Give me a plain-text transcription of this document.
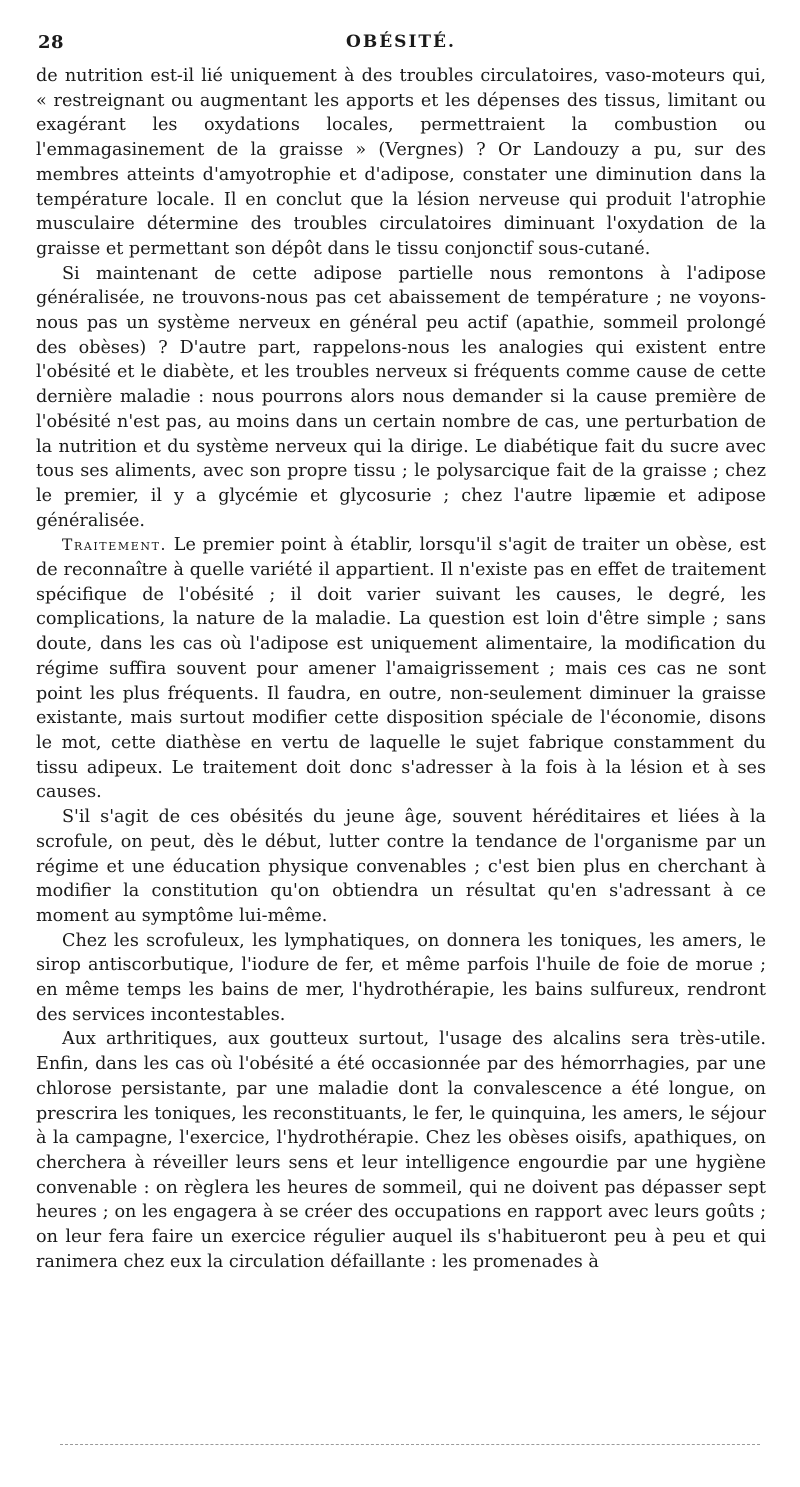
28	OBÉSITÉ.

de nutrition est-il lié uniquement à des troubles circulatoires, vaso-moteurs qui, « restreignant ou augmentant les apports et les dépenses des tissus, limitant ou exagérant les oxydations locales, permettraient la combustion ou l'emmagasinement de la graisse » (Vergnes) ? Or Landouzy a pu, sur des membres atteints d'amyotrophie et d'adipose, constater une diminution dans la température locale. Il en conclut que la lésion nerveuse qui produit l'atrophie musculaire détermine des troubles circulatoires diminuant l'oxydation de la graisse et permettant son dépôt dans le tissu conjonctif sous-cutané.

Si maintenant de cette adipose partielle nous remontons à l'adipose généralisée, ne trouvons-nous pas cet abaissement de température ; ne voyons-nous pas un système nerveux en général peu actif (apathie, sommeil prolongé des obèses) ? D'autre part, rappelons-nous les analogies qui existent entre l'obésité et le diabète, et les troubles nerveux si fréquents comme cause de cette dernière maladie : nous pourrons alors nous demander si la cause première de l'obésité n'est pas, au moins dans un certain nombre de cas, une perturbation de la nutrition et du système nerveux qui la dirige. Le diabétique fait du sucre avec tous ses aliments, avec son propre tissu ; le polysarcique fait de la graisse ; chez le premier, il y a glycémie et glycosurie ; chez l'autre lipæmie et adipose généralisée.

Traitement. Le premier point à établir, lorsqu'il s'agit de traiter un obèse, est de reconnaître à quelle variété il appartient. Il n'existe pas en effet de traitement spécifique de l'obésité ; il doit varier suivant les causes, le degré, les complications, la nature de la maladie. La question est loin d'être simple ; sans doute, dans les cas où l'adipose est uniquement alimentaire, la modification du régime suffira souvent pour amener l'amaigrissement ; mais ces cas ne sont point les plus fréquents. Il faudra, en outre, non-seulement diminuer la graisse existante, mais surtout modifier cette disposition spéciale de l'économie, disons le mot, cette diathèse en vertu de laquelle le sujet fabrique constamment du tissu adipeux. Le traitement doit donc s'adresser à la fois à la lésion et à ses causes.

S'il s'agit de ces obésités du jeune âge, souvent héréditaires et liées à la scrofule, on peut, dès le début, lutter contre la tendance de l'organisme par un régime et une éducation physique convenables ; c'est bien plus en cherchant à modifier la constitution qu'on obtiendra un résultat qu'en s'adressant à ce moment au symptôme lui-même.

Chez les scrofuleux, les lymphatiques, on donnera les toniques, les amers, le sirop antiscorbutique, l'iodure de fer, et même parfois l'huile de foie de morue ; en même temps les bains de mer, l'hydrothérapie, les bains sulfureux, rendront des services incontestables.

Aux arthritiques, aux goutteux surtout, l'usage des alcalins sera très-utile. Enfin, dans les cas où l'obésité a été occasionnée par des hémorrhagies, par une chlorose persistante, par une maladie dont la convalescence a été longue, on prescrira les toniques, les reconstituants, le fer, le quinquina, les amers, le séjour à la campagne, l'exercice, l'hydrothérapie. Chez les obèses oisifs, apathiques, on cherchera à réveiller leurs sens et leur intelligence engourdie par une hygiène convenable : on règlera les heures de sommeil, qui ne doivent pas dépasser sept heures ; on les engagera à se créer des occupations en rapport avec leurs goûts ; on leur fera faire un exercice régulier auquel ils s'habitueront peu à peu et qui ranimera chez eux la circulation défaillante : les promenades à
